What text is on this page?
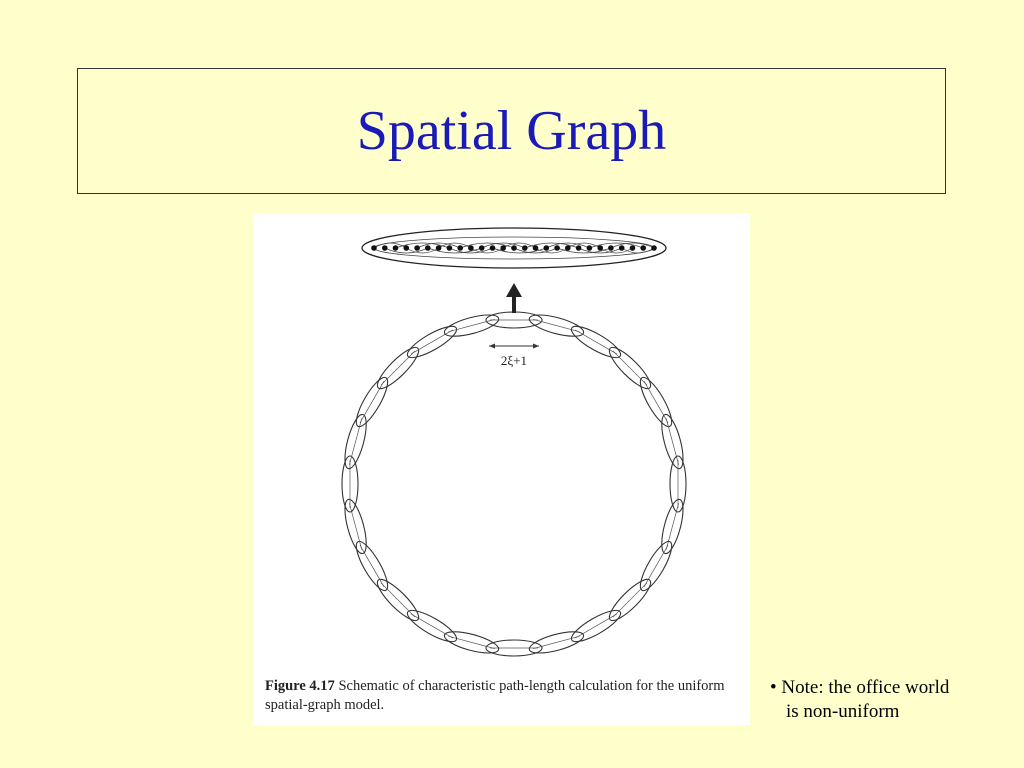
Spatial Graph
2ξ+1
Figure 4.17 Schematic of characteristic path-length calculation for the uniform spatial-graph model.
• Note: the office world
is non-uniform
